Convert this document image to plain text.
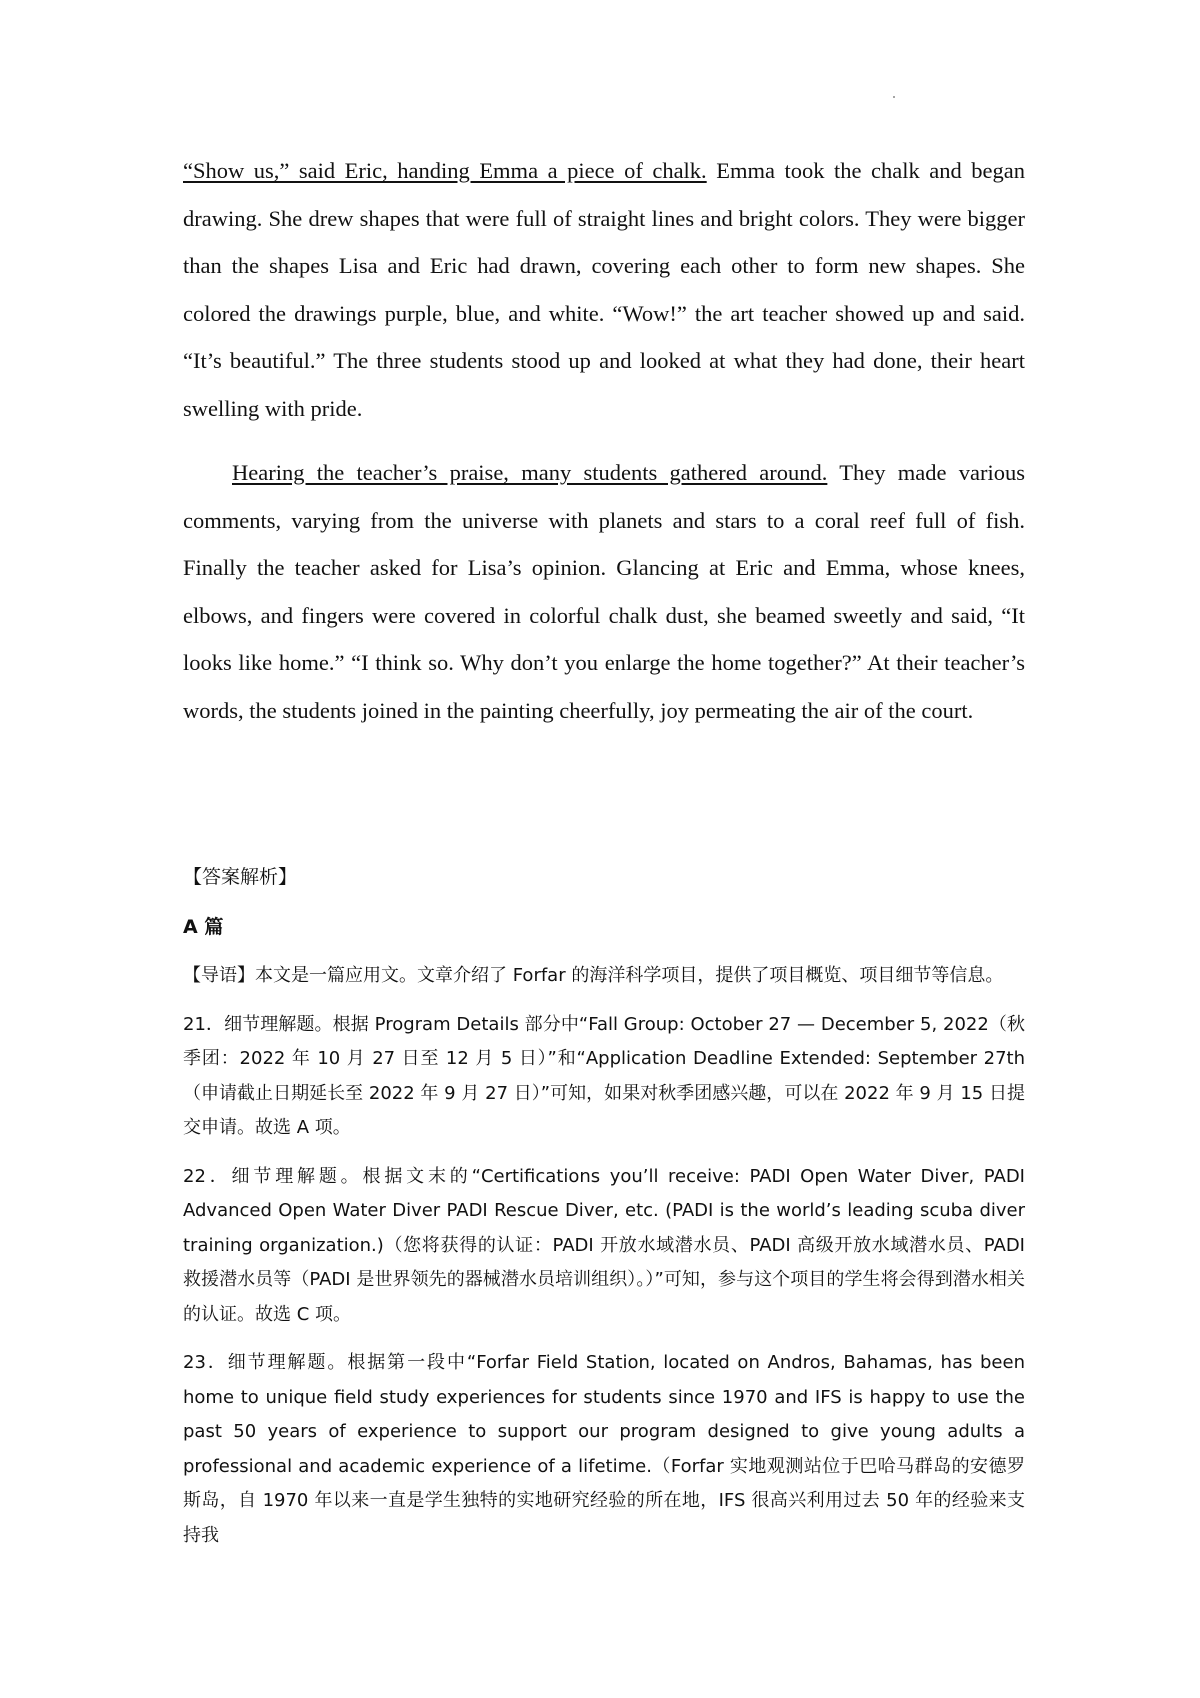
“Show us,” said Eric, handing Emma a piece of chalk. Emma took the chalk and began drawing. She drew shapes that were full of straight lines and bright colors. They were bigger than the shapes Lisa and Eric had drawn, covering each other to form new shapes. She colored the drawings purple, blue, and white. “Wow!” the art teacher showed up and said. “It’s beautiful.” The three students stood up and looked at what they had done, their heart swelling with pride.

Hearing the teacher’s praise, many students gathered around. They made various comments, varying from the universe with planets and stars to a coral reef full of fish. Finally the teacher asked for Lisa’s opinion. Glancing at Eric and Emma, whose knees, elbows, and fingers were covered in colorful chalk dust, she beamed sweetly and said, “It looks like home.” “I think so. Why don’t you enlarge the home together?” At their teacher’s words, the students joined in the painting cheerfully, joy permeating the air of the court.

【答案解析】
A 篇

【导语】本文是一篇应用文。文章介绍了 Forfar 的海洋科学项目，提供了项目概览、项目细节等信息。

21．细节理解题。根据 Program Details 部分中“Fall Group: October 27 — December 5, 2022（秋季团：2022 年 10 月 27 日至 12 月 5 日）”和“Application Deadline Extended: September 27th（申请截止日期延长至 2022 年 9 月 27 日）”可知，如果对秋季团感兴趣，可以在 2022 年 9 月 15 日提交申请。故选 A 项。

22．细节理解题。根据文末的“Certifications you’ll receive: PADI Open Water Diver, PADI Advanced Open Water Diver PADI Rescue Diver, etc. (PADI is the world’s leading scuba diver training organization.)（您将获得的认证：PADI 开放水域潜水员、PADI 高级开放水域潜水员、PADI 救援潜水员等（PADI 是世界领先的器械潜水员培训组织）。）”可知，参与这个项目的学生将会得到潜水相关的认证。故选 C 项。

23．细节理解题。根据第一段中“Forfar Field Station, located on Andros, Bahamas, has been home to unique field study experiences for students since 1970 and IFS is happy to use the past 50 years of experience to support our program designed to give young adults a professional and academic experience of a lifetime.（Forfar 实地观测站位于巴哈马群岛的安德罗斯岛，自 1970 年以来一直是学生独特的实地研究经验的所在地，IFS 很高兴利用过去 50 年的经验来支持我
